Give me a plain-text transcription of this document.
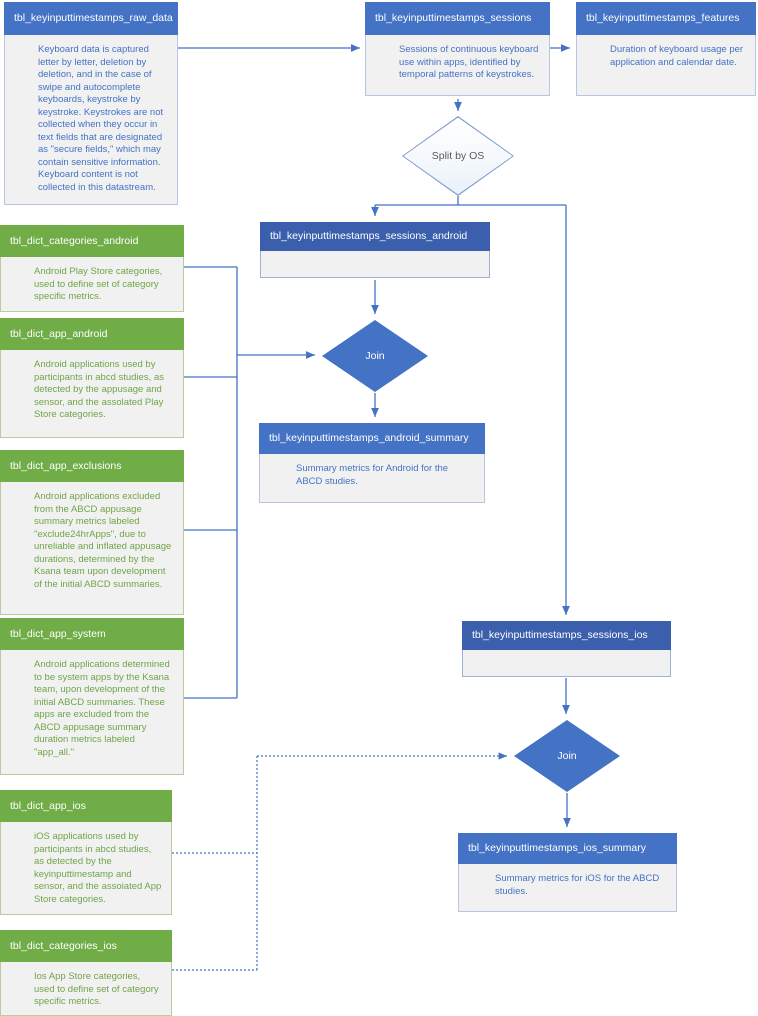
tbl_keyinputtimestamps_raw_data
Keyboard data is captured letter by letter, deletion by deletion, and in the case of swipe and autocomplete keyboards, keystroke by keystroke. Keystrokes are not collected when they occur in text fields that are designated as "secure fields," which may contain sensitive information. Keyboard content is not collected in this datastream.
tbl_keyinputtimestamps_sessions
Sessions of continuous keyboard use within apps, identified by temporal patterns of keystrokes.
tbl_keyinputtimestamps_features
Duration of keyboard usage per application and calendar date.
Split by OS
tbl_keyinputtimestamps_sessions_android
Join
tbl_keyinputtimestamps_android_summary
Summary metrics for Android for the ABCD studies.
tbl_keyinputtimestamps_sessions_ios
Join
tbl_keyinputtimestamps_ios_summary
Summary metrics for iOS for the ABCD studies.
tbl_dict_categories_android
Android Play Store categories, used to define set of category specific metrics.
tbl_dict_app_android
Android applications used by participants in abcd studies, as detected by the appusage and sensor, and the assolated Play Store categories.
tbl_dict_app_exclusions
Android applications excluded from the ABCD appusage summary metrics labeled "exclude24hrApps", due to unreliable and inflated appusage durations, determined by the Ksana team upon development of the initial ABCD summaries.
tbl_dict_app_system
Android applications determined to be system apps by the Ksana team, upon development of the initial ABCD summaries. These apps are excluded from the ABCD appusage summary duration metrics labeled "app_all."
tbl_dict_app_ios
iOS applications used by participants in abcd studies, as detected by the keyinputtimestamp and sensor, and the assoiated App Store categories.
tbl_dict_categories_ios
Ios App Store categories, used to define set of category specific metrics.
